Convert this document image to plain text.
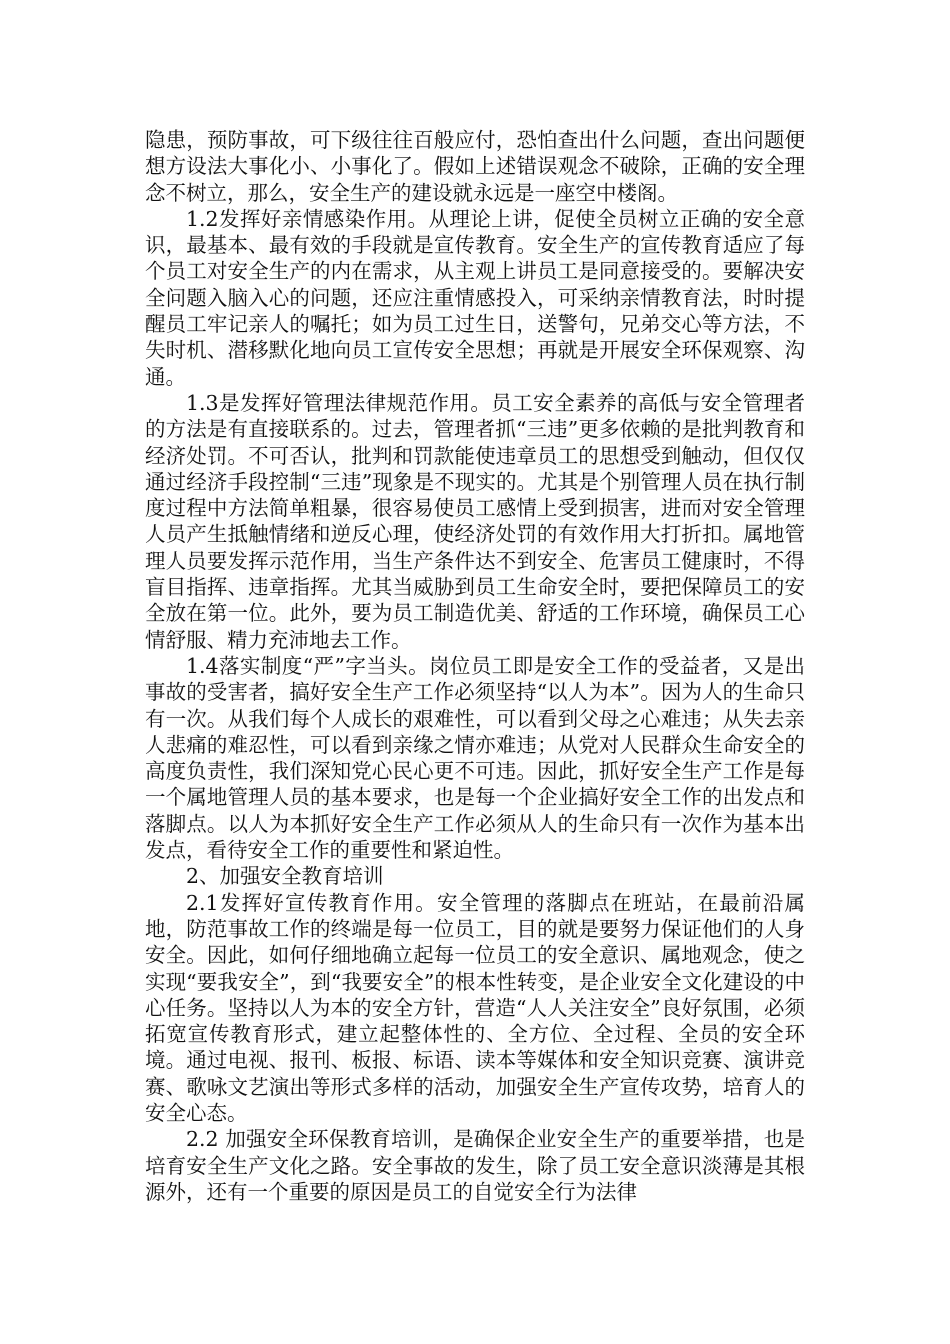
隐患，预防事故，可下级往往百般应付，恐怕查出什么问题，查出问题便想方设法大事化小、小事化了。假如上述错误观念不破除，正确的安全理念不树立，那么，安全生产的建设就永远是一座空中楼阁。

1.2发挥好亲情感染作用。从理论上讲，促使全员树立正确的安全意识，最基本、最有效的手段就是宣传教育。安全生产的宣传教育适应了每个员工对安全生产的内在需求，从主观上讲员工是同意接受的。要解决安全问题入脑入心的问题，还应注重情感投入，可采纳亲情教育法，时时提醒员工牢记亲人的嘱托；如为员工过生日，送警句，兄弟交心等方法，不失时机、潜移默化地向员工宣传安全思想；再就是开展安全环保观察、沟通。

1.3是发挥好管理法律规范作用。员工安全素养的高低与安全管理者的方法是有直接联系的。过去，管理者抓“三违”更多依赖的是批判教育和经济处罚。不可否认，批判和罚款能使违章员工的思想受到触动，但仅仅通过经济手段控制“三违”现象是不现实的。尤其是个别管理人员在执行制度过程中方法简单粗暴，很容易使员工感情上受到损害，进而对安全管理人员产生抵触情绪和逆反心理，使经济处罚的有效作用大打折扣。属地管理人员要发挥示范作用，当生产条件达不到安全、危害员工健康时，不得盲目指挥、违章指挥。尤其当威胁到员工生命安全时，要把保障员工的安全放在第一位。此外，要为员工制造优美、舒适的工作环境，确保员工心情舒服、精力充沛地去工作。

1.4落实制度“严”字当头。岗位员工即是安全工作的受益者，又是出事故的受害者，搞好安全生产工作必须坚持“以人为本”。因为人的生命只有一次。从我们每个人成长的艰难性，可以看到父母之心难违；从失去亲人悲痛的难忍性，可以看到亲缘之情亦难违；从党对人民群众生命安全的高度负责性，我们深知党心民心更不可违。因此，抓好安全生产工作是每一个属地管理人员的基本要求，也是每一个企业搞好安全工作的出发点和落脚点。以人为本抓好安全生产工作必须从人的生命只有一次作为基本出发点，看待安全工作的重要性和紧迫性。

2、加强安全教育培训

2.1发挥好宣传教育作用。安全管理的落脚点在班站，在最前沿属地，防范事故工作的终端是每一位员工，目的就是要努力保证他们的人身安全。因此，如何仔细地确立起每一位员工的安全意识、属地观念，使之实现“要我安全”，到“我要安全”的根本性转变，是企业安全文化建设的中心任务。坚持以人为本的安全方针，营造“人人关注安全”良好氛围，必须拓宽宣传教育形式，建立起整体性的、全方位、全过程、全员的安全环境。通过电视、报刊、板报、标语、读本等媒体和安全知识竞赛、演讲竞赛、歌咏文艺演出等形式多样的活动，加强安全生产宣传攻势，培育人的安全心态。

2.2 加强安全环保教育培训，是确保企业安全生产的重要举措，也是培育安全生产文化之路。安全事故的发生，除了员工安全意识淡薄是其根源外，还有一个重要的原因是员工的自觉安全行为法律
